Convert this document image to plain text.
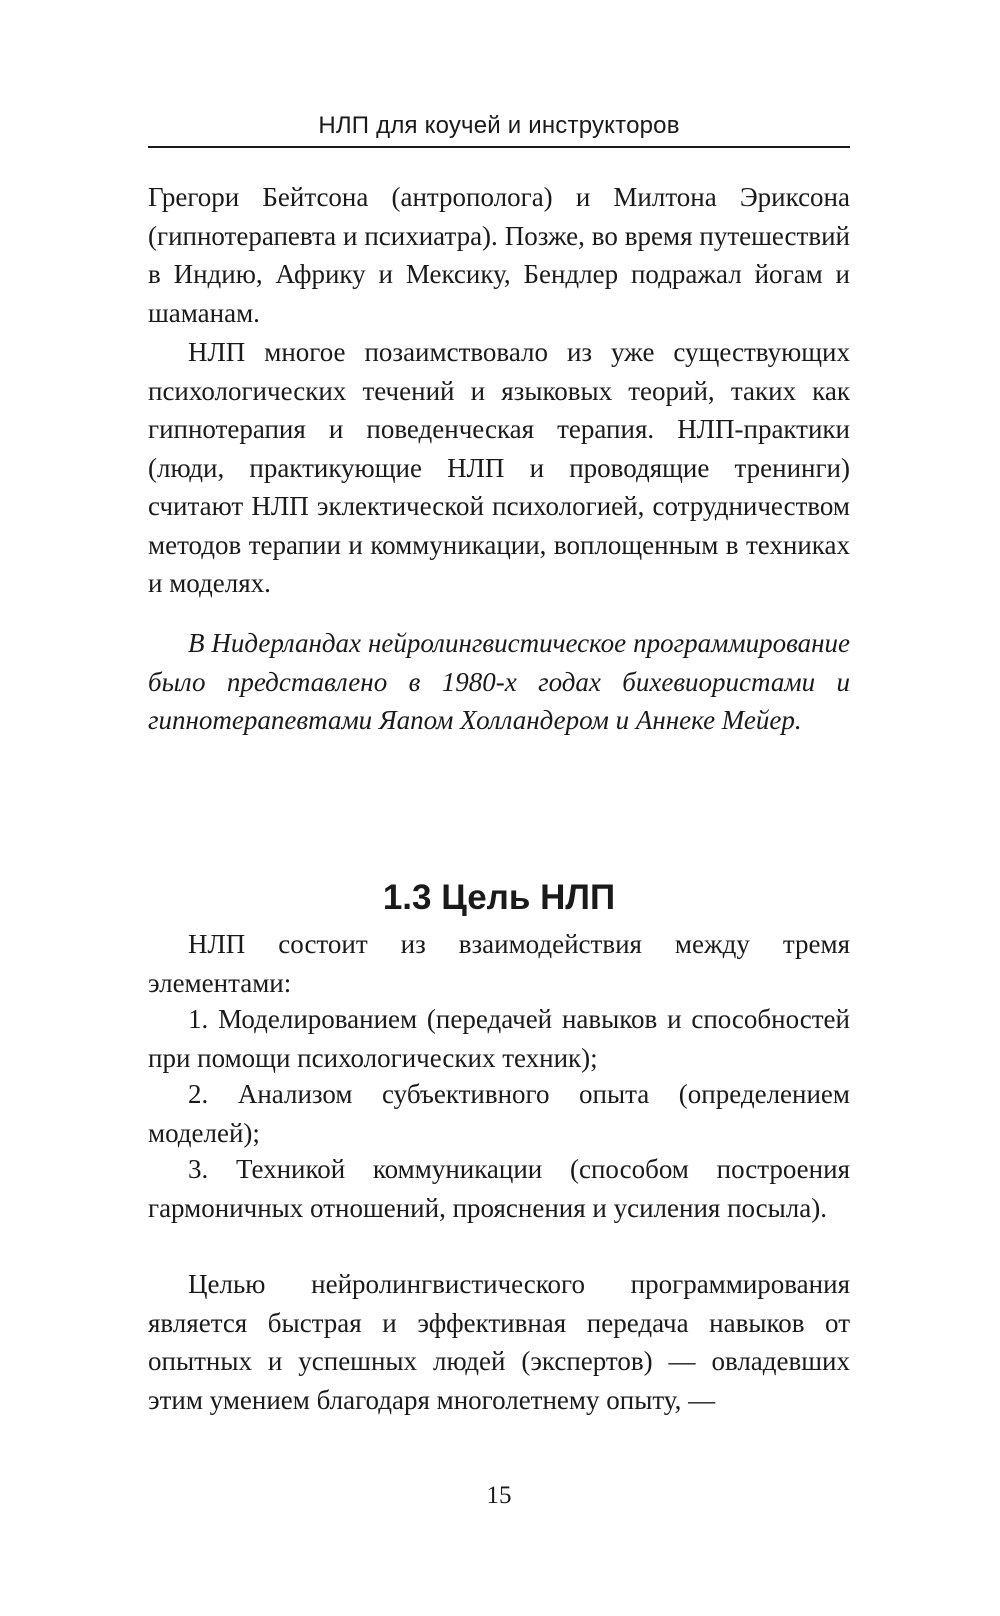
НЛП для коучей и инструкторов

Грегори Бейтсона (антрополога) и Милтона Эриксона (гипнотерапевта и психиатра). Позже, во время путешествий в Индию, Африку и Мексику, Бендлер подражал йогам и шаманам.

НЛП многое позаимствовало из уже существующих психологических течений и языковых теорий, таких как гипнотерапия и поведенческая терапия. НЛП-практики (люди, практикующие НЛП и проводящие тренинги) считают НЛП эклектической психологией, сотрудничеством методов терапии и коммуникации, воплощенным в техниках и моделях.

В Нидерландах нейролингвистическое программирование было представлено в 1980-х годах бихевиористами и гипнотерапевтами Яапом Холландером и Аннеке Мейер.

1.3 Цель НЛП

НЛП состоит из взаимодействия между тремя элементами:

1. Моделированием (передачей навыков и способностей при помощи психологических техник);

2. Анализом субъективного опыта (определением моделей);

3. Техникой коммуникации (способом построения гармоничных отношений, прояснения и усиления посыла).

Целью нейролингвистического программирования является быстрая и эффективная передача навыков от опытных и успешных людей (экспертов) — овладевших этим умением благодаря многолетнему опыту, —

15
